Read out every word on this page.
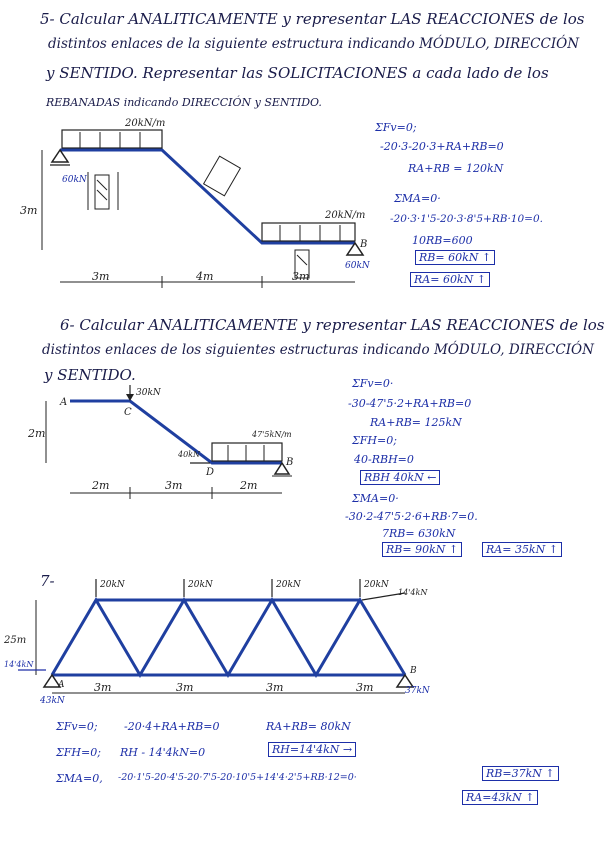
5- Calcular ANALITICAMENTE y representar LAS REACCIONES de los
distintos enlaces de la siguiente estructura indicando MÓDULO, DIRECCIÓN
y SENTIDO. Representar las SOLICITACIONES a cada lado de los
REBANADAS indicando DIRECCIÓN y SENTIDO.
20kN/m
20kN/m
3m
3m	4m	3m
60kN
60kN
B
ΣFv=0;
-20·3-20·3+RA+RB=0
RA+RB = 120kN
ΣMA=0·
-20·3·1'5-20·3·8'5+RB·10=0.
10RB=600
RB= 60kN ↑
RA= 60kN ↑
6- Calcular ANALITICAMENTE y representar LAS REACCIONES de los
distintos enlaces de los siguientes estructuras indicando MÓDULO, DIRECCIÓN
y SENTIDO.
A
C
D
B
30kN
40kN
47'5kN/m
2m
2m	3m	2m
ΣFv=0·
-30-47'5·2+RA+RB=0
RA+RB= 125kN
ΣFH=0;
40-RBH=0
RBH 40kN ←
ΣMA=0·
-30·2-47'5·2·6+RB·7=0.
7RB= 630kN
RB= 90kN ↑	RA= 35kN ↑
7-	20kN	20kN	20kN	20kN
14'4kN
25m
14'4kN
A
B
43kN
37kN
3m	3m	3m	3m
ΣFv=0; -20·4+RA+RB=0	RA+RB= 80kN
ΣFH=0; RH - 14'4kN=0	RH=14'4kN →
ΣMA=0, -20·1'5-20·4'5-20·7'5-20·10'5+14'4·2'5+RB·12=0·	RB=37kN ↑
RA=43kN ↑
